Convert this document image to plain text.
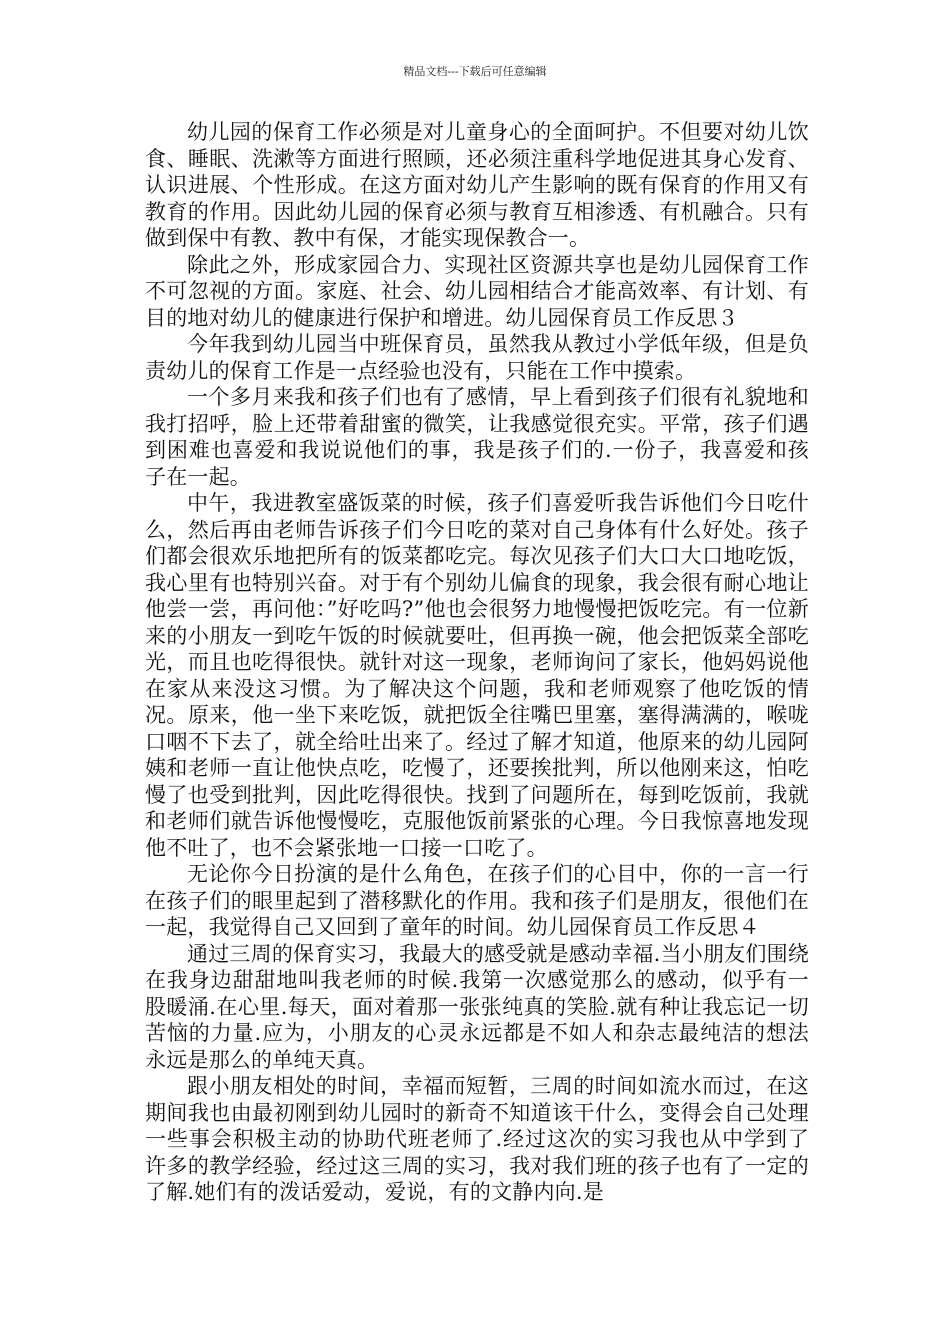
精品文档---下载后可任意编辑

幼儿园的保育工作必须是对儿童身心的全面呵护。不但要对幼儿饮食、睡眠、洗漱等方面进行照顾，还必须注重科学地促进其身心发育、认识进展、个性形成。在这方面对幼儿产生影响的既有保育的作用又有教育的作用。因此幼儿园的保育必须与教育互相渗透、有机融合。只有做到保中有教、教中有保，才能实现保教合一。

除此之外，形成家园合力、实现社区资源共享也是幼儿园保育工作不可忽视的方面。家庭、社会、幼儿园相结合才能高效率、有计划、有目的地对幼儿的健康进行保护和增进。幼儿园保育员工作反思３

今年我到幼儿园当中班保育员，虽然我从教过小学低年级，但是负责幼儿的保育工作是一点经验也没有，只能在工作中摸索。

一个多月来我和孩子们也有了感情，早上看到孩子们很有礼貌地和我打招呼，脸上还带着甜蜜的微笑，让我感觉很充实。平常，孩子们遇到困难也喜爱和我说说他们的事，我是孩子们的.一份子，我喜爱和孩子在一起。

中午，我进教室盛饭菜的时候，孩子们喜爱听我告诉他们今日吃什么，然后再由老师告诉孩子们今日吃的菜对自己身体有什么好处。孩子们都会很欢乐地把所有的饭菜都吃完。每次见孩子们大口大口地吃饭，我心里有也特别兴奋。对于有个别幼儿偏食的现象，我会很有耐心地让他尝一尝，再问他：”好吃吗?”他也会很努力地慢慢把饭吃完。有一位新来的小朋友一到吃午饭的时候就要吐，但再换一碗，他会把饭菜全部吃光，而且也吃得很快。就针对这一现象，老师询问了家长，他妈妈说他在家从来没这习惯。为了解决这个问题，我和老师观察了他吃饭的情况。原来，他一坐下来吃饭，就把饭全往嘴巴里塞，塞得满满的，喉咙口咽不下去了，就全给吐出来了。经过了解才知道，他原来的幼儿园阿姨和老师一直让他快点吃，吃慢了，还要挨批判，所以他刚来这，怕吃慢了也受到批判，因此吃得很快。找到了问题所在，每到吃饭前，我就和老师们就告诉他慢慢吃，克服他饭前紧张的心理。今日我惊喜地发现他不吐了，也不会紧张地一口接一口吃了。

无论你今日扮演的是什么角色，在孩子们的心目中，你的一言一行在孩子们的眼里起到了潜移默化的作用。我和孩子们是朋友，很他们在一起，我觉得自己又回到了童年的时间。幼儿园保育员工作反思４

通过三周的保育实习，我最大的感受就是感动幸福.当小朋友们围绕在我身边甜甜地叫我老师的时候.我第一次感觉那么的感动，似乎有一股暖涌.在心里.每天，面对着那一张张纯真的笑脸.就有种让我忘记一切苦恼的力量.应为，小朋友的心灵永远都是不如人和杂志最纯洁的想法永远是那么的单纯天真。

跟小朋友相处的时间，幸福而短暂，三周的时间如流水而过，在这期间我也由最初刚到幼儿园时的新奇不知道该干什么，变得会自己处理一些事会积极主动的协助代班老师了.经过这次的实习我也从中学到了许多的教学经验，经过这三周的实习，我对我们班的孩子也有了一定的了解.她们有的泼话爱动，爱说，有的文静内向.是
